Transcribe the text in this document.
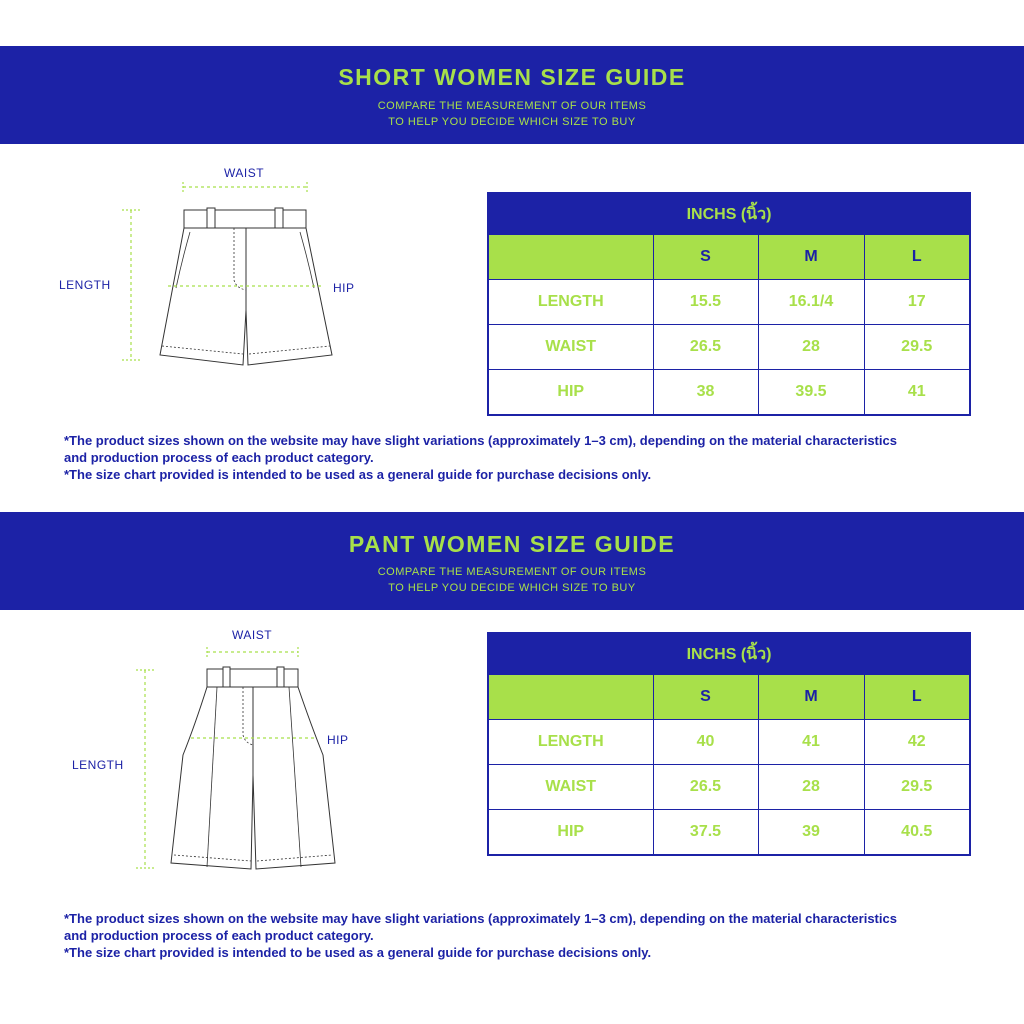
SHORT WOMEN SIZE GUIDE
COMPARE THE MEASUREMENT OF OUR ITEMS
TO HELP YOU DECIDE WHICH SIZE TO BUY
WAIST
LENGTH	HIP
INCHS (นิ้ว)			
	S	M	L
LENGTH	15.5	16.1/4	17
WAIST	26.5	28	29.5
HIP	38	39.5	41
*The product sizes shown on the website may have slight variations (approximately 1–3 cm), depending on the material characteristics
and production process of each product category.
*The size chart provided is intended to be used as a general guide for purchase decisions only.
PANT WOMEN SIZE GUIDE
COMPARE THE MEASUREMENT OF OUR ITEMS
TO HELP YOU DECIDE WHICH SIZE TO BUY
WAIST
LENGTH
HIP
INCHS (นิ้ว)			
	S	M	L
LENGTH	40	41	42
WAIST	26.5	28	29.5
HIP	37.5	39	40.5
*The product sizes shown on the website may have slight variations (approximately 1–3 cm), depending on the material characteristics
and production process of each product category.
*The size chart provided is intended to be used as a general guide for purchase decisions only.
